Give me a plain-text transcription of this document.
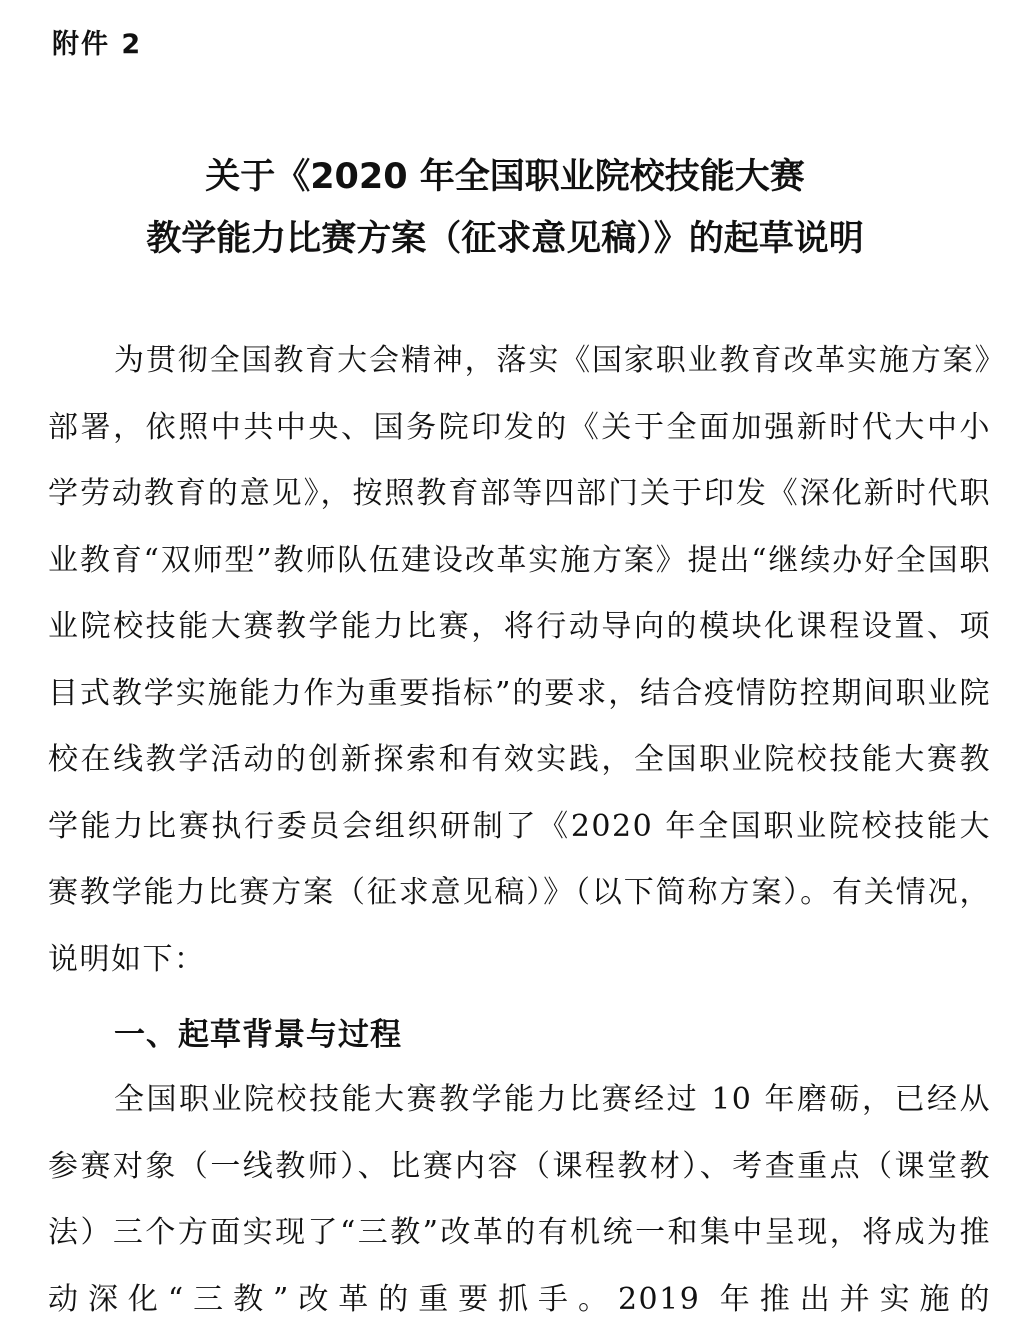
附件 2

关于《2020 年全国职业院校技能大赛
教学能力比赛方案（征求意见稿）》的起草说明

为贯彻全国教育大会精神，落实《国家职业教育改革实施方案》部署，依照中共中央、国务院印发的《关于全面加强新时代大中小学劳动教育的意见》，按照教育部等四部门关于印发《深化新时代职业教育“双师型”教师队伍建设改革实施方案》提出“继续办好全国职业院校技能大赛教学能力比赛，将行动导向的模块化课程设置、项目式教学实施能力作为重要指标”的要求，结合疫情防控期间职业院校在线教学活动的创新探索和有效实践，全国职业院校技能大赛教学能力比赛执行委员会组织研制了《2020 年全国职业院校技能大赛教学能力比赛方案（征求意见稿）》（以下简称方案）。有关情况，说明如下：

一、起草背景与过程

全国职业院校技能大赛教学能力比赛经过 10 年磨砺，已经从参赛对象（一线教师）、比赛内容（课程教材）、考查重点（课堂教法）三个方面实现了“三教”改革的有机统一和集中呈现，将成为推动深化“三教”改革的重要抓手。2019 年推出并实施的
